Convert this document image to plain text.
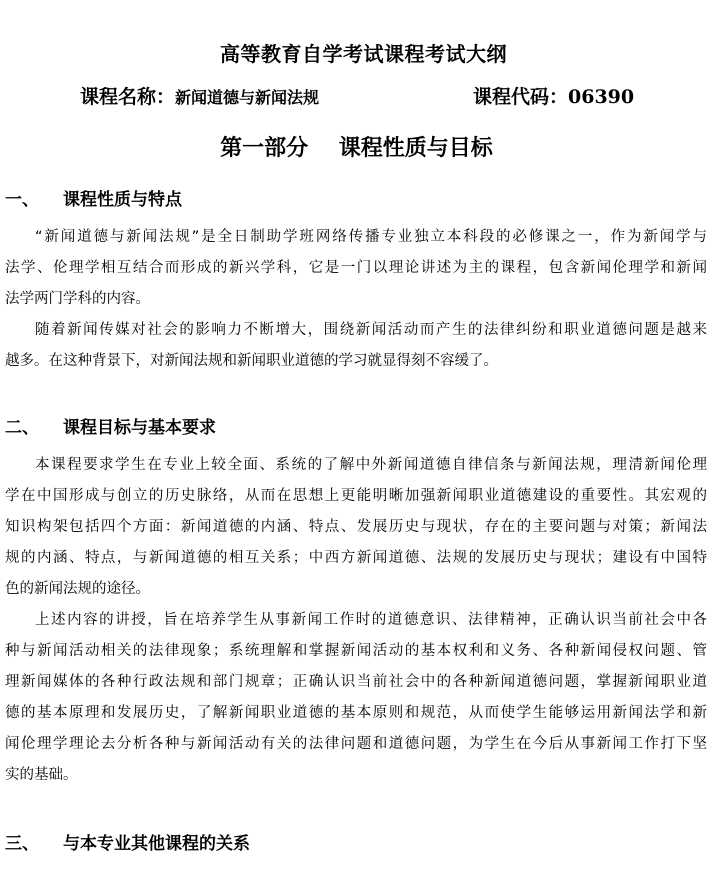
高等教育自学考试课程考试大纲
课程名称：新闻道德与新闻法规	课程代码：06390
第一部分    课程性质与目标
一、 课程性质与特点
“新闻道德与新闻法规”是全日制助学班网络传播专业独立本科段的必修课之一，作为新闻学与
法学、伦理学相互结合而形成的新兴学科，它是一门以理论讲述为主的课程，包含新闻伦理学和新闻
法学两门学科的内容。
随着新闻传媒对社会的影响力不断增大，围绕新闻活动而产生的法律纠纷和职业道德问题是越来
越多。在这种背景下，对新闻法规和新闻职业道德的学习就显得刻不容缓了。
二、 课程目标与基本要求
本课程要求学生在专业上较全面、系统的了解中外新闻道德自律信条与新闻法规，理清新闻伦理
学在中国形成与创立的历史脉络，从而在思想上更能明晰加强新闻职业道德建设的重要性。其宏观的
知识构架包括四个方面：新闻道德的内涵、特点、发展历史与现状，存在的主要问题与对策；新闻法
规的内涵、特点，与新闻道德的相互关系；中西方新闻道德、法规的发展历史与现状；建设有中国特
色的新闻法规的途径。
上述内容的讲授，旨在培养学生从事新闻工作时的道德意识、法律精神，正确认识当前社会中各
种与新闻活动相关的法律现象；系统理解和掌握新闻活动的基本权利和义务、各种新闻侵权问题、管
理新闻媒体的各种行政法规和部门规章；正确认识当前社会中的各种新闻道德问题，掌握新闻职业道
德的基本原理和发展历史，了解新闻职业道德的基本原则和规范，从而使学生能够运用新闻法学和新
闻伦理学理论去分析各种与新闻活动有关的法律问题和道德问题，为学生在今后从事新闻工作打下坚
实的基础。
三、 与本专业其他课程的关系
